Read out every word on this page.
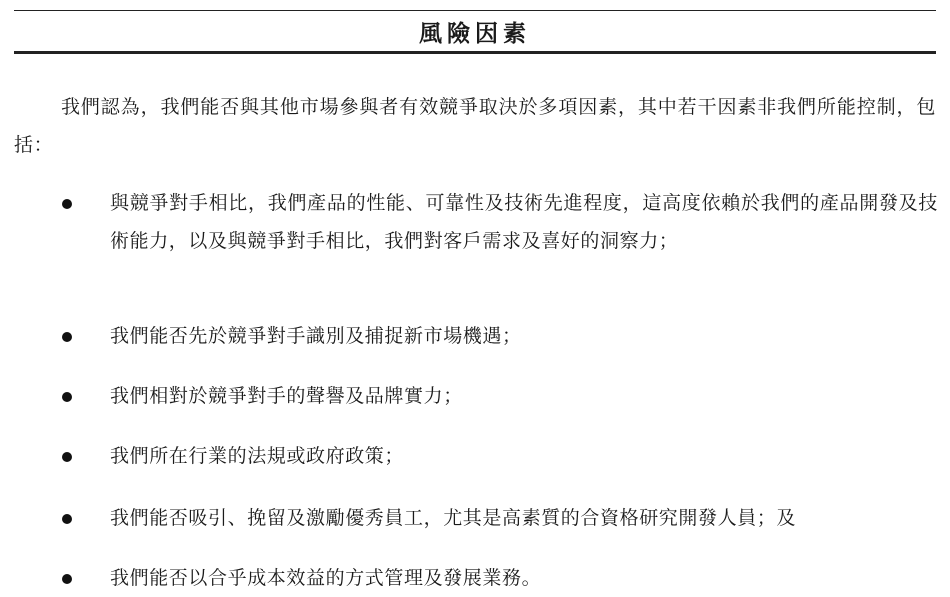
風險因素

我們認為，我們能否與其他市場參與者有效競爭取決於多項因素，其中若干因素非我們所能控制，包括：

與競爭對手相比，我們產品的性能、可靠性及技術先進程度，這高度依賴於我們的產品開發及技術能力，以及與競爭對手相比，我們對客戶需求及喜好的洞察力；

我們能否先於競爭對手識別及捕捉新市場機遇；

我們相對於競爭對手的聲譽及品牌實力；

我們所在行業的法規或政府政策；

我們能否吸引、挽留及激勵優秀員工，尤其是高素質的合資格研究開發人員；及

我們能否以合乎成本效益的方式管理及發展業務。
